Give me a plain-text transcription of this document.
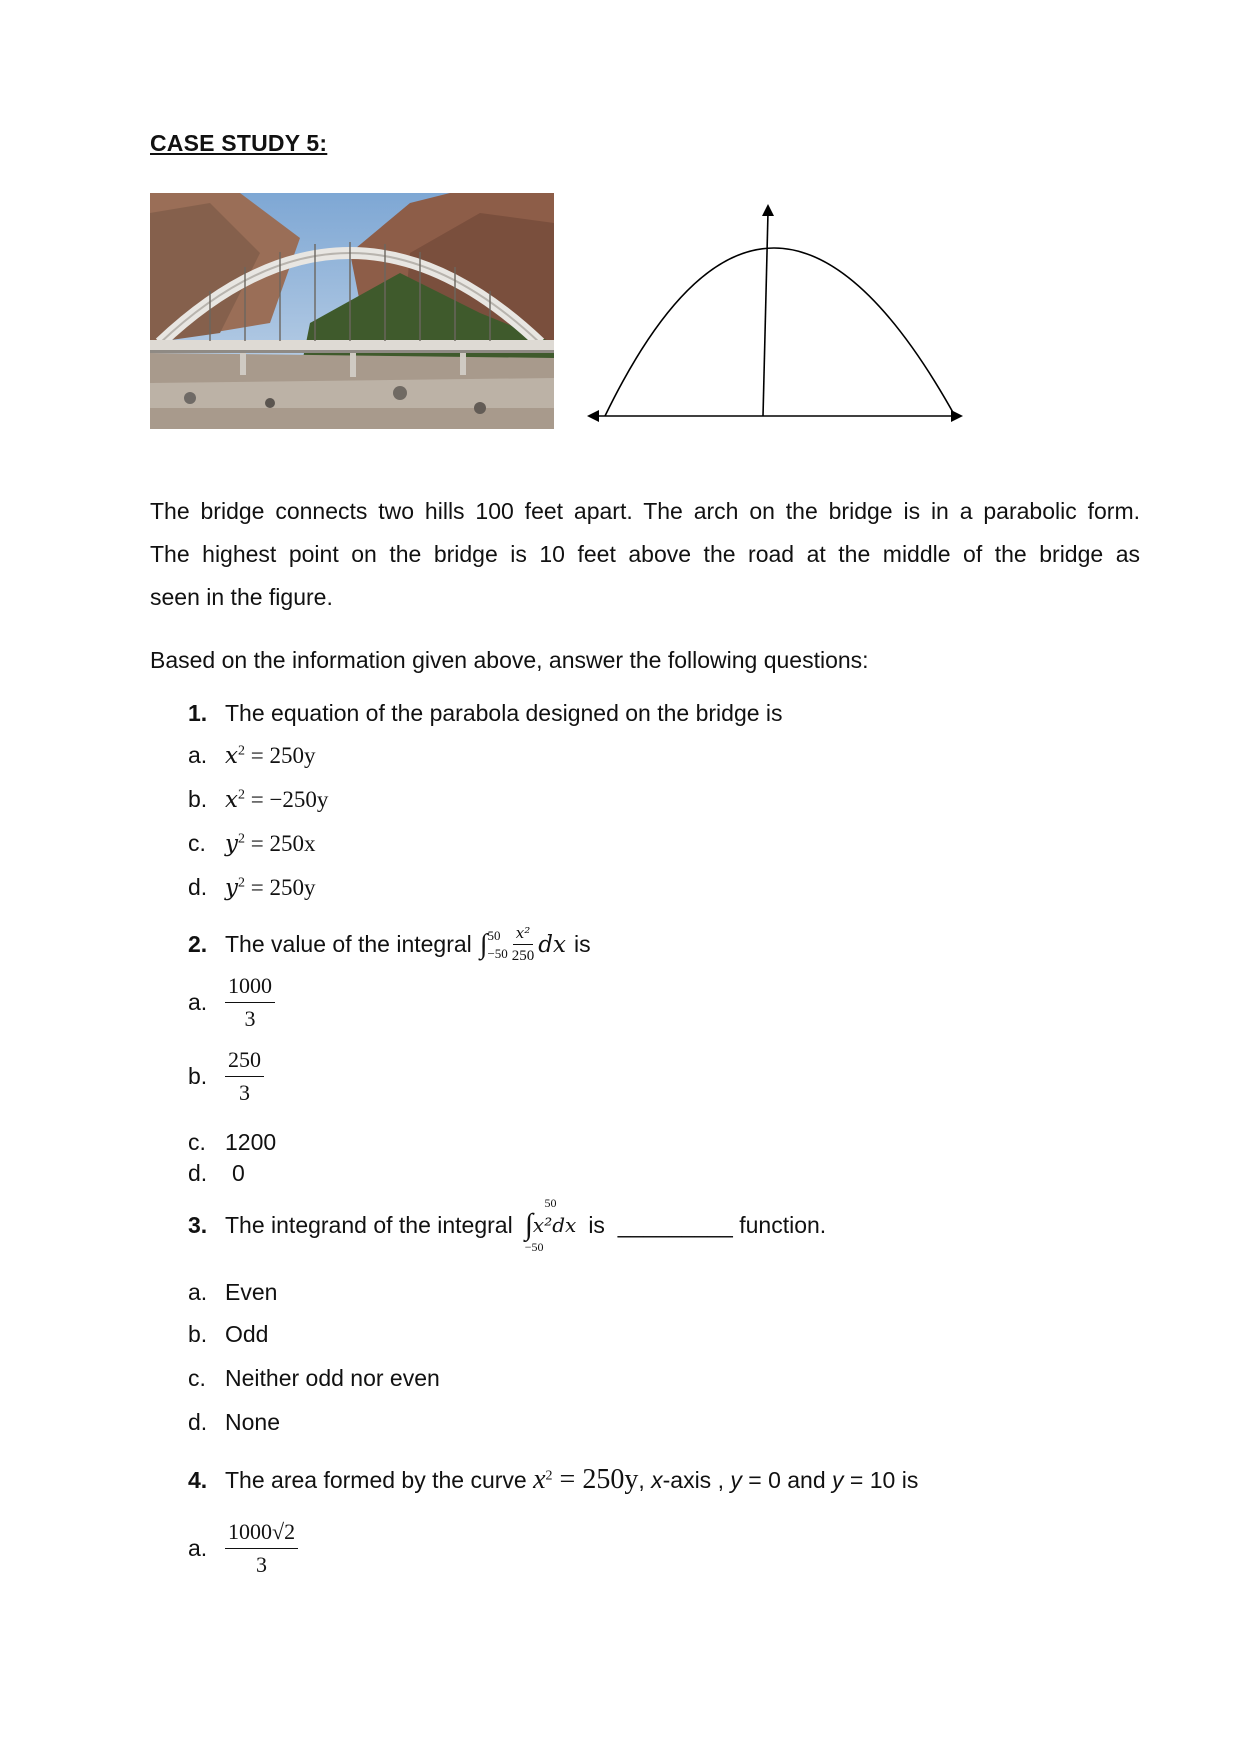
CASE STUDY 5:
The bridge connects two hills 100 feet apart. The arch on the bridge is in a parabolic form.
The highest point on the bridge is 10 feet above the road at the middle of the bridge as
seen in the figure.
Based on the information given above, answer the following questions:
1. The equation of the parabola designed on the bridge is
a. $x^2 = 250y$
b. $x^2 = -250y$
c. $y^2 = 250x$
d. $y^2 = 250y$
2. The value of the integral ∫ 50
$-50 \frac{\text{x²}}{250}$ dx is
a. $\frac{1000}{3}$
b. $\frac{250}{3}$
c. 1200
d. 0
3. The integrand of the integral
50
∫ x²dx
−50
is  _________ function.
a. Even
b. Odd
c. Neither odd nor even
d. None
4. The area formed by the curve $x^2 = 250y$, x-axis , y = 0 and y = 10 is
a. $\frac{1000√2}{3}$
